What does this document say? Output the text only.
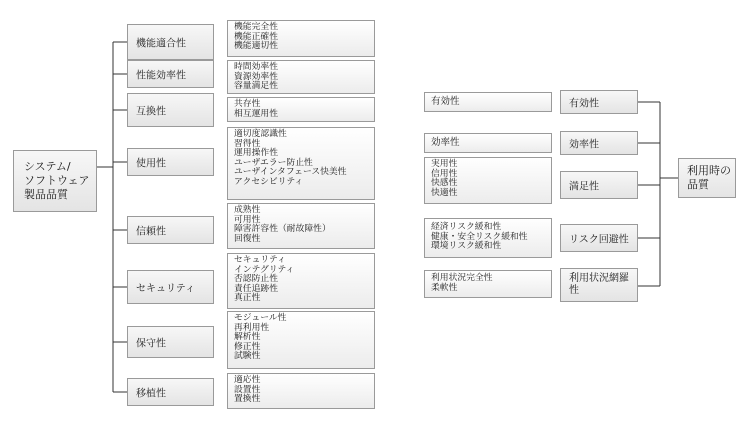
システム/
ソフトウェア
製品品質
機能適合性
性能効率性
互換性
使用性
信頼性
セキュリティ
保守性
移植性
機能完全性
機能正確性
機能適切性
時間効率性
資源効率性
容量満足性
共存性
相互運用性
適切度認識性
習得性
運用操作性
ユーザエラー防止性
ユーザインタフェース快美性
アクセシビリティ
成熟性
可用性
障害許容性（耐故障性）
回復性
セキュリティ
インテグリティ
否認防止性
責任追跡性
真正性
モジュール性
再利用性
解析性
修正性
試験性
適応性
設置性
置換性
有効性
効率性
実用性
信用性
快感性
快適性
経済リスク緩和性
健康・安全リスク緩和性
環境リスク緩和性
利用状況完全性
柔軟性
有効性
効率性
満足性
リスク回避性
利用状況網羅性
利用時の
品質
